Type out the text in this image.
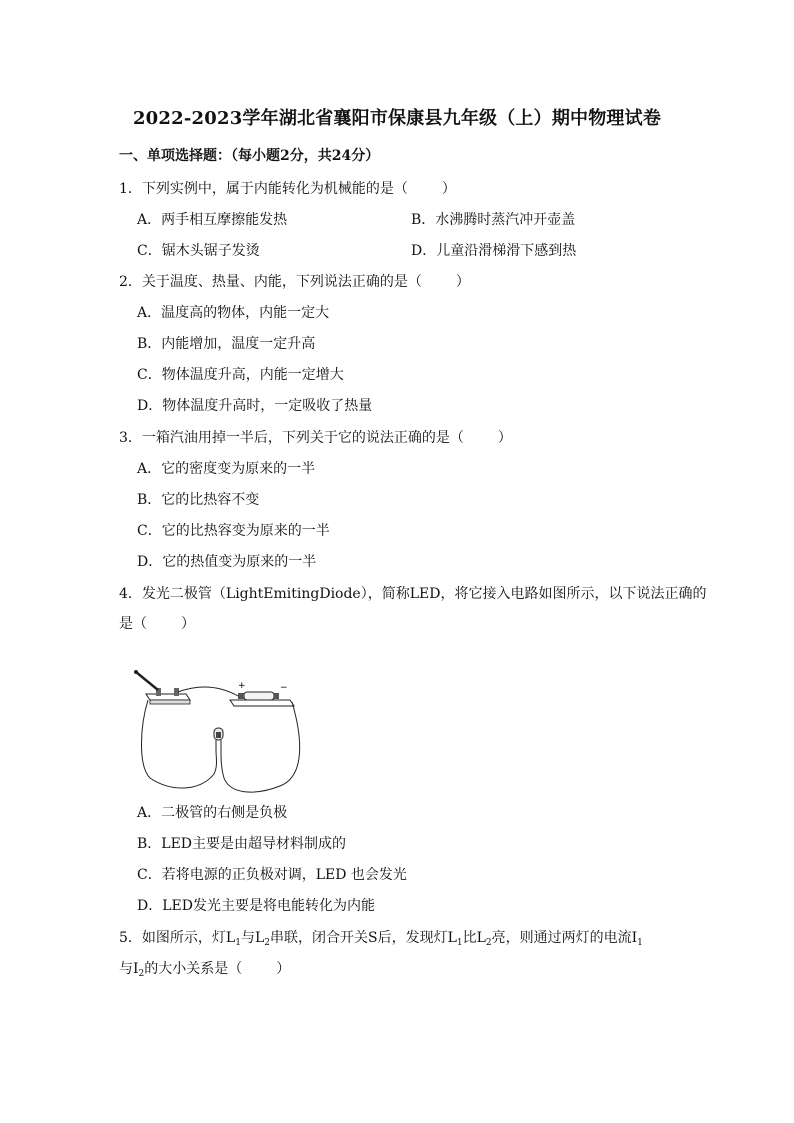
2022-2023学年湖北省襄阳市保康县九年级（上）期中物理试卷
一、单项选择题：（每小题2分，共24分）
1．下列实例中，属于内能转化为机械能的是（ ）
A．两手相互摩擦能发热	B．水沸腾时蒸汽冲开壶盖
C．锯木头锯子发烫	D．儿童沿滑梯滑下感到热
2．关于温度、热量、内能，下列说法正确的是（ ）
A．温度高的物体，内能一定大
B．内能增加，温度一定升高
C．物体温度升高，内能一定增大
D．物体温度升高时，一定吸收了热量
3．一箱汽油用掉一半后，下列关于它的说法正确的是（ ）
A．它的密度变为原来的一半
B．它的比热容不变
C．它的比热容变为原来的一半
D．它的热值变为原来的一半
4．发光二极管（LightEmitingDiode），简称LED，将它接入电路如图所示，以下说法正确的
是（ ）
+	−
A．二极管的右侧是负极
B．LED主要是由超导材料制成的
C．若将电源的正负极对调，LED 也会发光
D．LED发光主要是将电能转化为内能
5．如图所示，灯$L_1$与$L_2$串联，闭合开关S后，发现灯$L_1$比$L_2$亮，则通过两灯的电流$I_1$
与$I_2$的大小关系是（ ）
